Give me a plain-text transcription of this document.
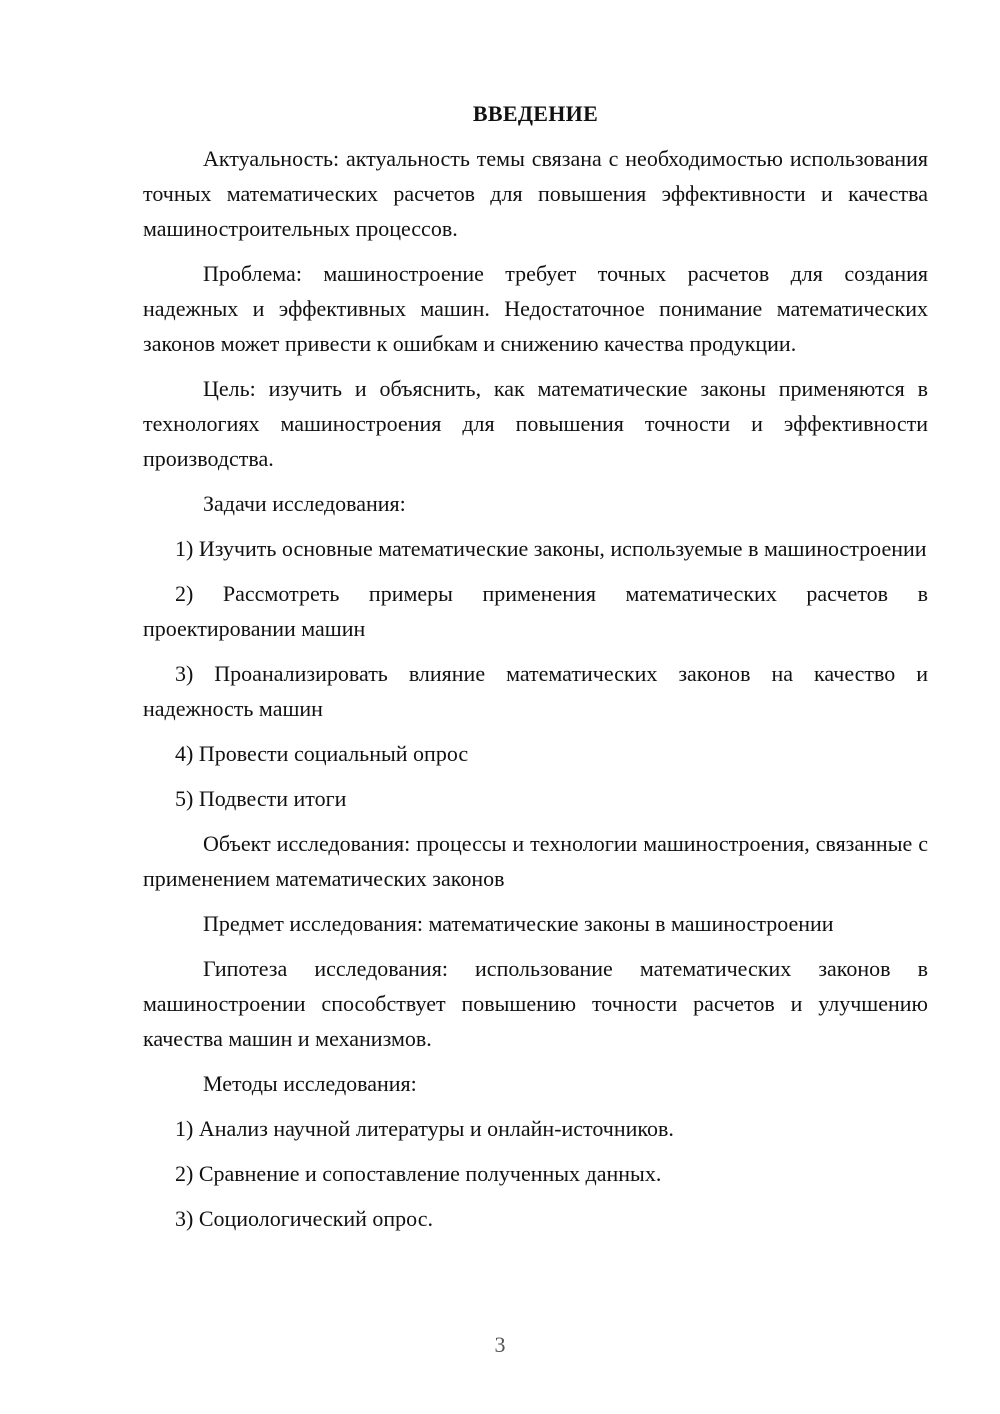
ВВЕДЕНИЕ

Актуальность: актуальность темы связана с необходимостью использования точных математических расчетов для повышения эффективности и качества машиностроительных процессов.

Проблема: машиностроение требует точных расчетов для создания надежных и эффективных машин. Недостаточное понимание математических законов может привести к ошибкам и снижению качества продукции.

Цель: изучить и объяснить, как математические законы применяются в технологиях машиностроения для повышения точности и эффективности производства.

Задачи исследования:

1) Изучить основные математические законы, используемые в машиностроении

2) Рассмотреть примеры применения математических расчетов в проектировании машин

3) Проанализировать влияние математических законов на качество и надежность машин

4) Провести социальный опрос

5) Подвести итоги

Объект исследования: процессы и технологии машиностроения, связанные с применением математических законов

Предмет исследования: математические законы в машиностроении

Гипотеза исследования: использование математических законов в машиностроении способствует повышению точности расчетов и улучшению качества машин и механизмов.

Методы исследования:

1) Анализ научной литературы и онлайн-источников.

2) Сравнение и сопоставление полученных данных.

3) Социологический опрос.

3
